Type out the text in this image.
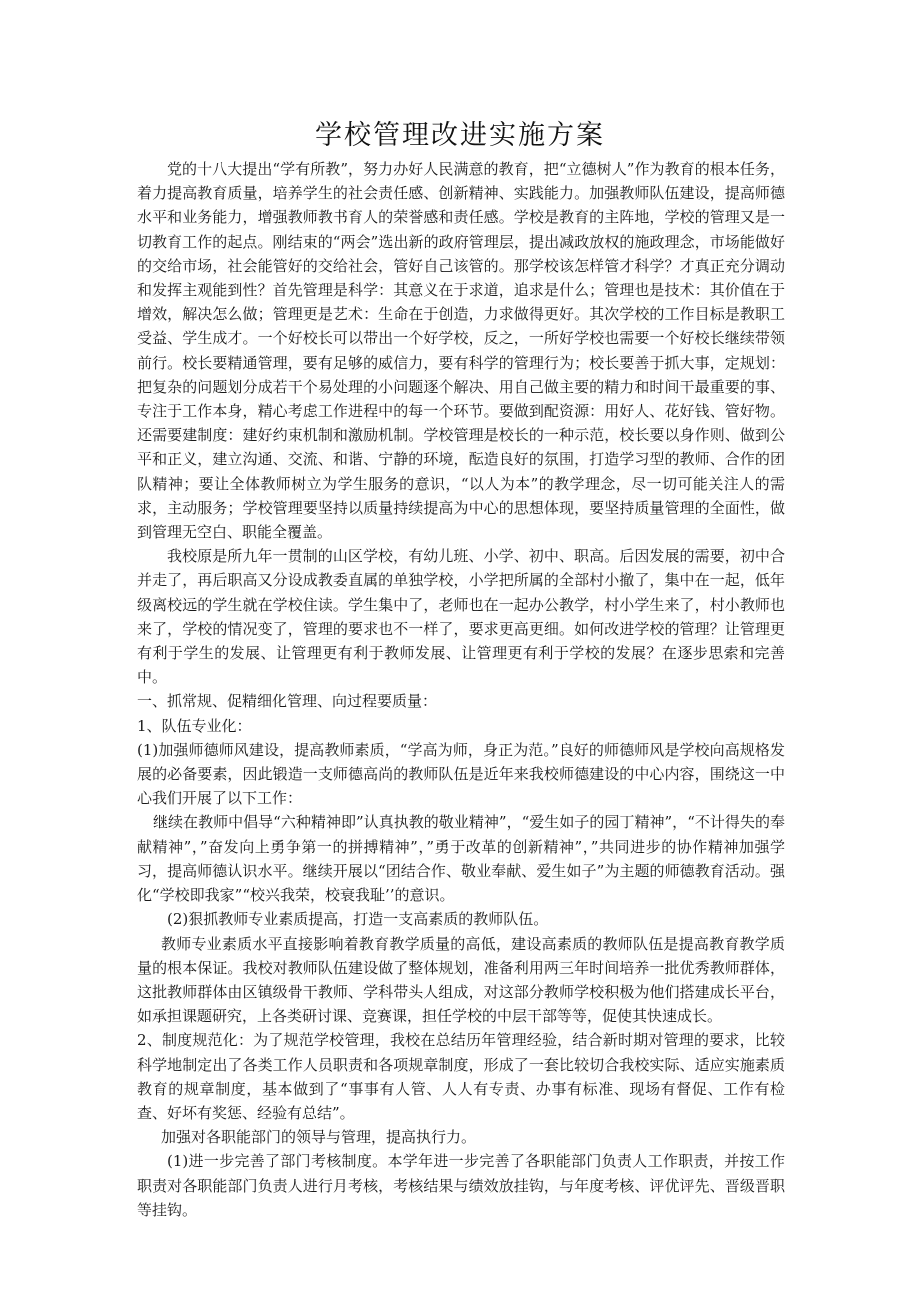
学校管理改进实施方案

党的十八大提出“学有所教”，努力办好人民满意的教育，把“立德树人”作为教育的根本任务，着力提高教育质量，培养学生的社会责任感、创新精神、实践能力。加强教师队伍建设，提高师德水平和业务能力，增强教师教书育人的荣誉感和责任感。学校是教育的主阵地，学校的管理又是一切教育工作的起点。刚结束的“两会”选出新的政府管理层，提出减政放权的施政理念，市场能做好的交给市场，社会能管好的交给社会，管好自己该管的。那学校该怎样管才科学？才真正充分调动和发挥主观能到性？首先管理是科学：其意义在于求道，追求是什么；管理也是技术：其价值在于增效，解决怎么做；管理更是艺术：生命在于创造，力求做得更好。其次学校的工作目标是教职工受益、学生成才。一个好校长可以带出一个好学校，反之，一所好学校也需要一个好校长继续带领前行。校长要精通管理，要有足够的威信力，要有科学的管理行为；校长要善于抓大事，定规划：把复杂的问题划分成若干个易处理的小问题逐个解决、用自己做主要的精力和时间干最重要的事、专注于工作本身，精心考虑工作进程中的每一个环节。要做到配资源：用好人、花好钱、管好物。还需要建制度：建好约束机制和激励机制。学校管理是校长的一种示范，校长要以身作则、做到公平和正义，建立沟通、交流、和谐、宁静的环境，酝造良好的氛围，打造学习型的教师、合作的团队精神；要让全体教师树立为学生服务的意识，“以人为本”的教学理念，尽一切可能关注人的需求，主动服务；学校管理要坚持以质量持续提高为中心的思想体现，要坚持质量管理的全面性，做到管理无空白、职能全覆盖。

我校原是所九年一贯制的山区学校，有幼儿班、小学、初中、职高。后因发展的需要，初中合并走了，再后职高又分设成教委直属的单独学校，小学把所属的全部村小撤了，集中在一起，低年级离校远的学生就在学校住读。学生集中了，老师也在一起办公教学，村小学生来了，村小教师也来了，学校的情况变了，管理的要求也不一样了，要求更高更细。如何改进学校的管理？让管理更有利于学生的发展、让管理更有利于教师发展、让管理更有利于学校的发展？在逐步思索和完善中。

一、抓常规、促精细化管理、向过程要质量：

1、队伍专业化：

(1)加强师德师风建设，提高教师素质，“学高为师，身正为范。”良好的师德师风是学校向高规格发展的必备要素，因此锻造一支师德高尚的教师队伍是近年来我校师德建设的中心内容，围绕这一中心我们开展了以下工作：

继续在教师中倡导“六种精神即”认真执教的敬业精神”，“爱生如子的园丁精神”，“不计得失的奉献精神”，”奋发向上勇争第一的拼搏精神”，”勇于改革的创新精神”，”共同进步的协作精神加强学习，提高师德认识水平。继续开展以“团结合作、敬业奉献、爱生如子”为主题的师德教育活动。强化“学校即我家”“校兴我荣，校衰我耻’’的意识。

(2)狠抓教师专业素质提高，打造一支高素质的教师队伍。

教师专业素质水平直接影响着教育教学质量的高低，建设高素质的教师队伍是提高教育教学质量的根本保证。我校对教师队伍建设做了整体规划，准备利用两三年时间培养一批优秀教师群体，这批教师群体由区镇级骨干教师、学科带头人组成，对这部分教师学校积极为他们搭建成长平台，如承担课题研究，上各类研讨课、竞赛课，担任学校的中层干部等等，促使其快速成长。

2、制度规范化：为了规范学校管理，我校在总结历年管理经验，结合新时期对管理的要求，比较科学地制定出了各类工作人员职责和各项规章制度，形成了一套比较切合我校实际、适应实施素质教育的规章制度，基本做到了“事事有人管、人人有专责、办事有标准、现场有督促、工作有检查、好坏有奖惩、经验有总结”。

加强对各职能部门的领导与管理，提高执行力。

(1)进一步完善了部门考核制度。本学年进一步完善了各职能部门负责人工作职责，并按工作职责对各职能部门负责人进行月考核，考核结果与绩效放挂钩，与年度考核、评优评先、晋级晋职等挂钩。
